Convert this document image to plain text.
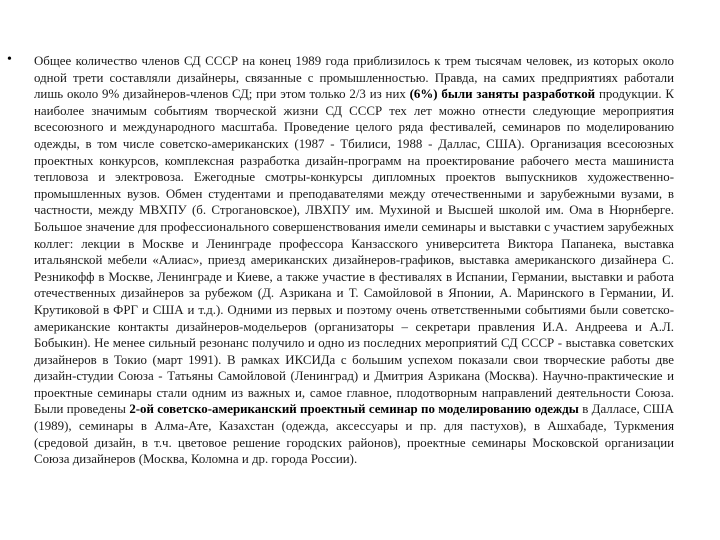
• Общее количество членов СД СССР на конец 1989 года приблизилось к трем тысячам человек, из которых около одной трети составляли дизайнеры, связанные с промышленностью. Правда, на самих предприятиях работали лишь около 9% дизайнеров-членов СД; при этом только 2/3 из них (6%) были заняты разработкой продукции. К наиболее значимым событиям творческой жизни СД СССР тех лет можно отнести следующие мероприятия всесоюзного и международного масштаба. Проведение целого ряда фестивалей, семинаров по моделированию одежды, в том числе советско-американских (1987 - Тбилиси, 1988 - Даллас, США). Организация всесоюзных проектных конкурсов, комплексная разработка дизайн-программ на проектирование рабочего места машиниста тепловоза и электровоза. Ежегодные смотры-конкурсы дипломных проектов выпускников художественно- промышленных вузов. Обмен студентами и преподавателями между отечественными и зарубежными вузами, в частности, между МВХПУ (б. Строгановское), ЛВХПУ им. Мухиной и Высшей школой им. Ома в Нюрнберге. Большое значение для профессионального совершенствования имели семинары и выставки с участием зарубежных коллег: лекции в Москве и Ленинграде профессора Канзасского университета Виктора Папанека, выставка итальянской мебели «Алиас», приезд американских дизайнеров-графиков, выставка американского дизайнера С. Резникофф в Москве, Ленинграде и Киеве, а также участие в фестивалях в Испании, Германии, выставки и работа отечественных дизайнеров за рубежом (Д. Азрикана и Т. Самойловой в Японии, А. Маринского в Германии, И. Крутиковой в ФРГ и США и т.д.). Одними из первых и поэтому очень ответственными событиями были советско-американские контакты дизайнеров-модельеров (организаторы – секретари правления И.А. Андреева и А.Л. Бобыкин). Не менее сильный резонанс получило и одно из последних мероприятий СД СССР - выставка советских дизайнеров в Токио (март 1991). В рамках ИКСИДа с большим успехом показали свои творческие работы две дизайн-студии Союза - Татьяны Самойловой (Ленинград) и Дмитрия Азрикана (Москва). Научно-практические и проектные семинары стали одним из важных и, самое главное, плодотворным направлений деятельности Союза. Были проведены 2-ой советско-американский проектный семинар по моделированию одежды в Далласе, США (1989), семинары в Алма-Ате, Казахстан (одежда, аксессуары и пр. для пастухов), в Ашхабаде, Туркмения (средовой дизайн, в т.ч. цветовое решение городских районов), проектные семинары Московской организации Союза дизайнеров (Москва, Коломна и др. города России).
